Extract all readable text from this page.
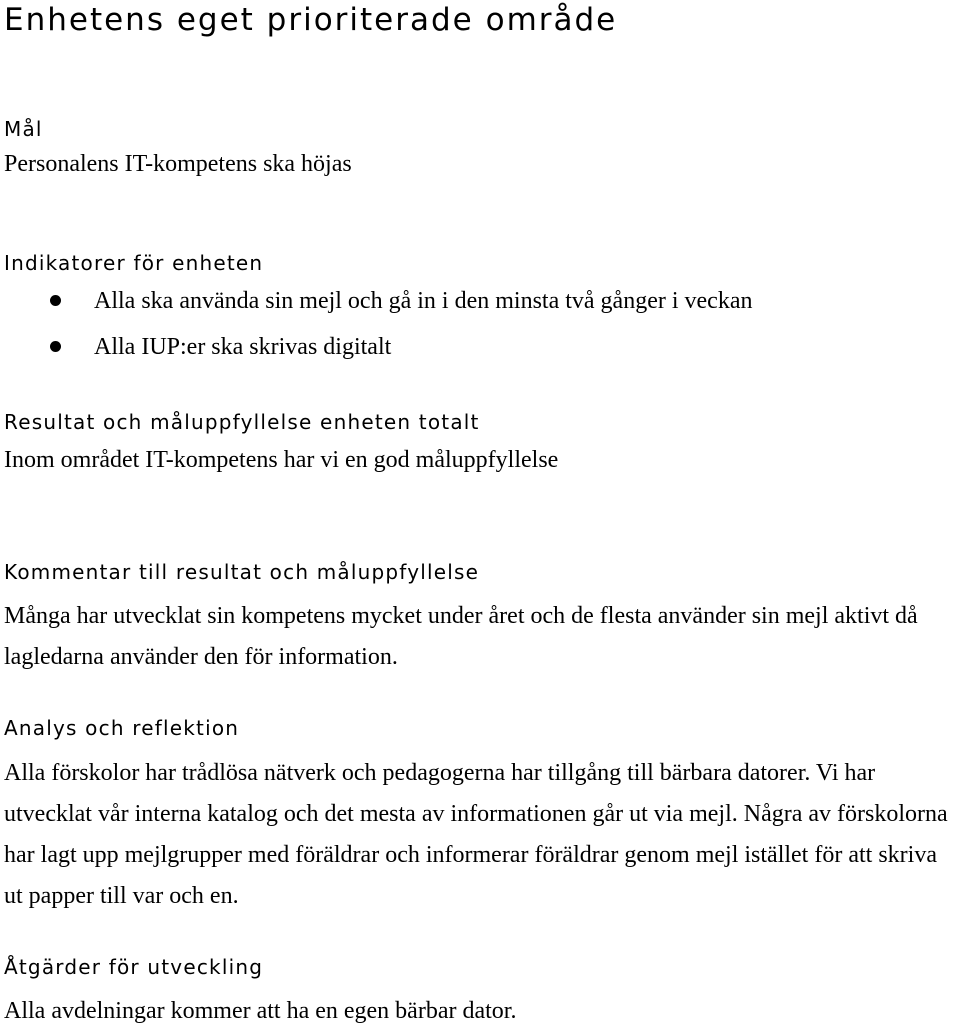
Enhetens eget prioriterade område

Mål

Personalens IT-kompetens ska höjas

Indikatorer för enheten

Alla ska använda sin mejl och gå in i den minsta två gånger i veckan
Alla IUP:er ska skrivas digitalt

Resultat och måluppfyllelse enheten totalt

Inom området IT-kompetens har vi en god måluppfyllelse

Kommentar till resultat och måluppfyllelse

Många har utvecklat sin kompetens mycket under året och de flesta använder sin mejl aktivt då lagledarna använder den för information.

Analys och reflektion

Alla förskolor har trådlösa nätverk och pedagogerna har tillgång till bärbara datorer. Vi har utvecklat vår interna katalog och det mesta av informationen går ut via mejl. Några av förskolorna har lagt upp mejlgrupper med föräldrar och informerar föräldrar genom mejl istället för att skriva ut papper till var och en.

Åtgärder för utveckling

Alla avdelningar kommer att ha en egen bärbar dator.
